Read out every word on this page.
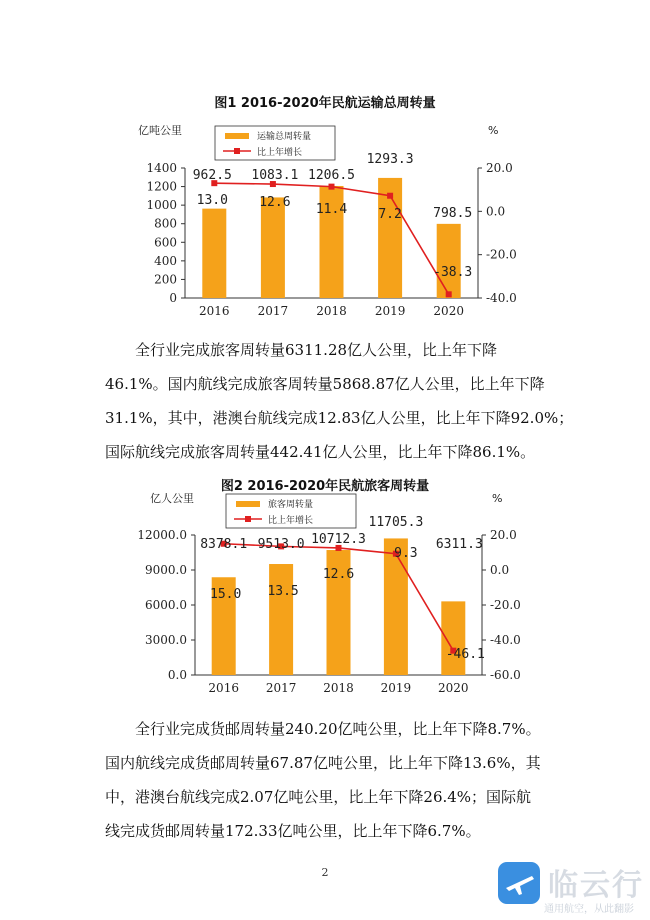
图1 2016-2020年民航运输总周转量
0
200
400
600
800
1000
1200
1400	20.0
0.0
-20.0
-40.0
亿吨公里	%
2016 2017 2018 2019 2020
962.5 1083.1 1206.5
1293.3
798.5
13.0 12.6 11.4 7.2
-38.3
运输总周转量
比上年增长

全行业完成旅客周转量6311.28亿人公里，比上年下降

46.1%。国内航线完成旅客周转量5868.87亿人公里，比上年下降

31.1%，其中，港澳台航线完成12.83亿人公里，比上年下降92.0%；

国际航线完成旅客周转量442.41亿人公里，比上年下降86.1%。

图2 2016-2020年民航旅客周转量
0.0
3000.0
6000.0
9000.0
12000.0	20.0
0.0
-20.0
-40.0
-60.0
亿人公里	%
2016 2017 2018 2019 2020
8378.1 9513.0 10712.3
11705.3
6311.3
15.0 13.5
12.6
9.3
-46.1
旅客周转量
比上年增长

全行业完成货邮周转量240.20亿吨公里，比上年下降8.7%。

国内航线完成货邮周转量67.87亿吨公里，比上年下降13.6%，其

中，港澳台航线完成2.07亿吨公里，比上年下降26.4%；国际航

线完成货邮周转量172.33亿吨公里，比上年下降6.7%。

2	临云行
通用航空，从此翻影
